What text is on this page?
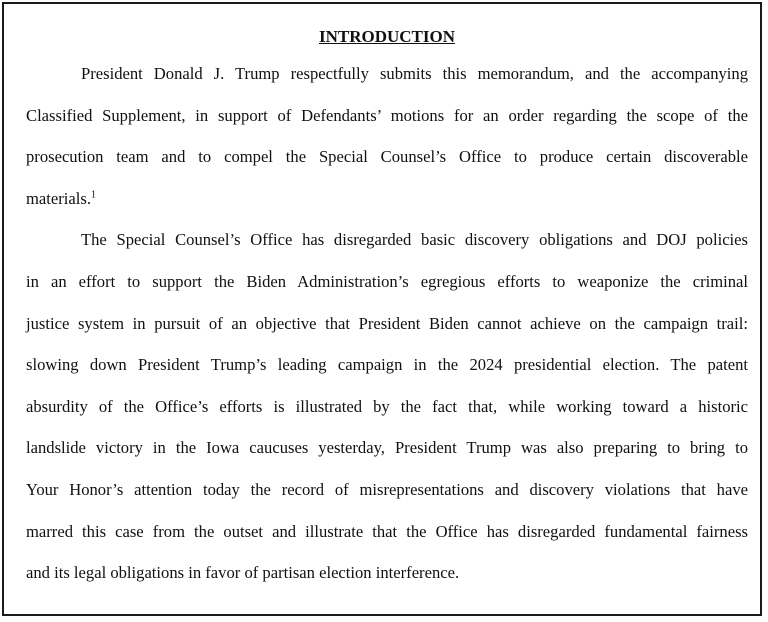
INTRODUCTION
President Donald J. Trump respectfully submits this memorandum, and the accompanying
Classified Supplement, in support of Defendants’ motions for an order regarding the scope of the
prosecution team and to compel the Special Counsel’s Office to produce certain discoverable
materials.$^1$
The Special Counsel’s Office has disregarded basic discovery obligations and DOJ policies
in an effort to support the Biden Administration’s egregious efforts to weaponize the criminal
justice system in pursuit of an objective that President Biden cannot achieve on the campaign trail:
slowing down President Trump’s leading campaign in the 2024 presidential election. The patent
absurdity of the Office’s efforts is illustrated by the fact that, while working toward a historic
landslide victory in the Iowa caucuses yesterday, President Trump was also preparing to bring to
Your Honor’s attention today the record of misrepresentations and discovery violations that have
marred this case from the outset and illustrate that the Office has disregarded fundamental fairness
and its legal obligations in favor of partisan election interference.
